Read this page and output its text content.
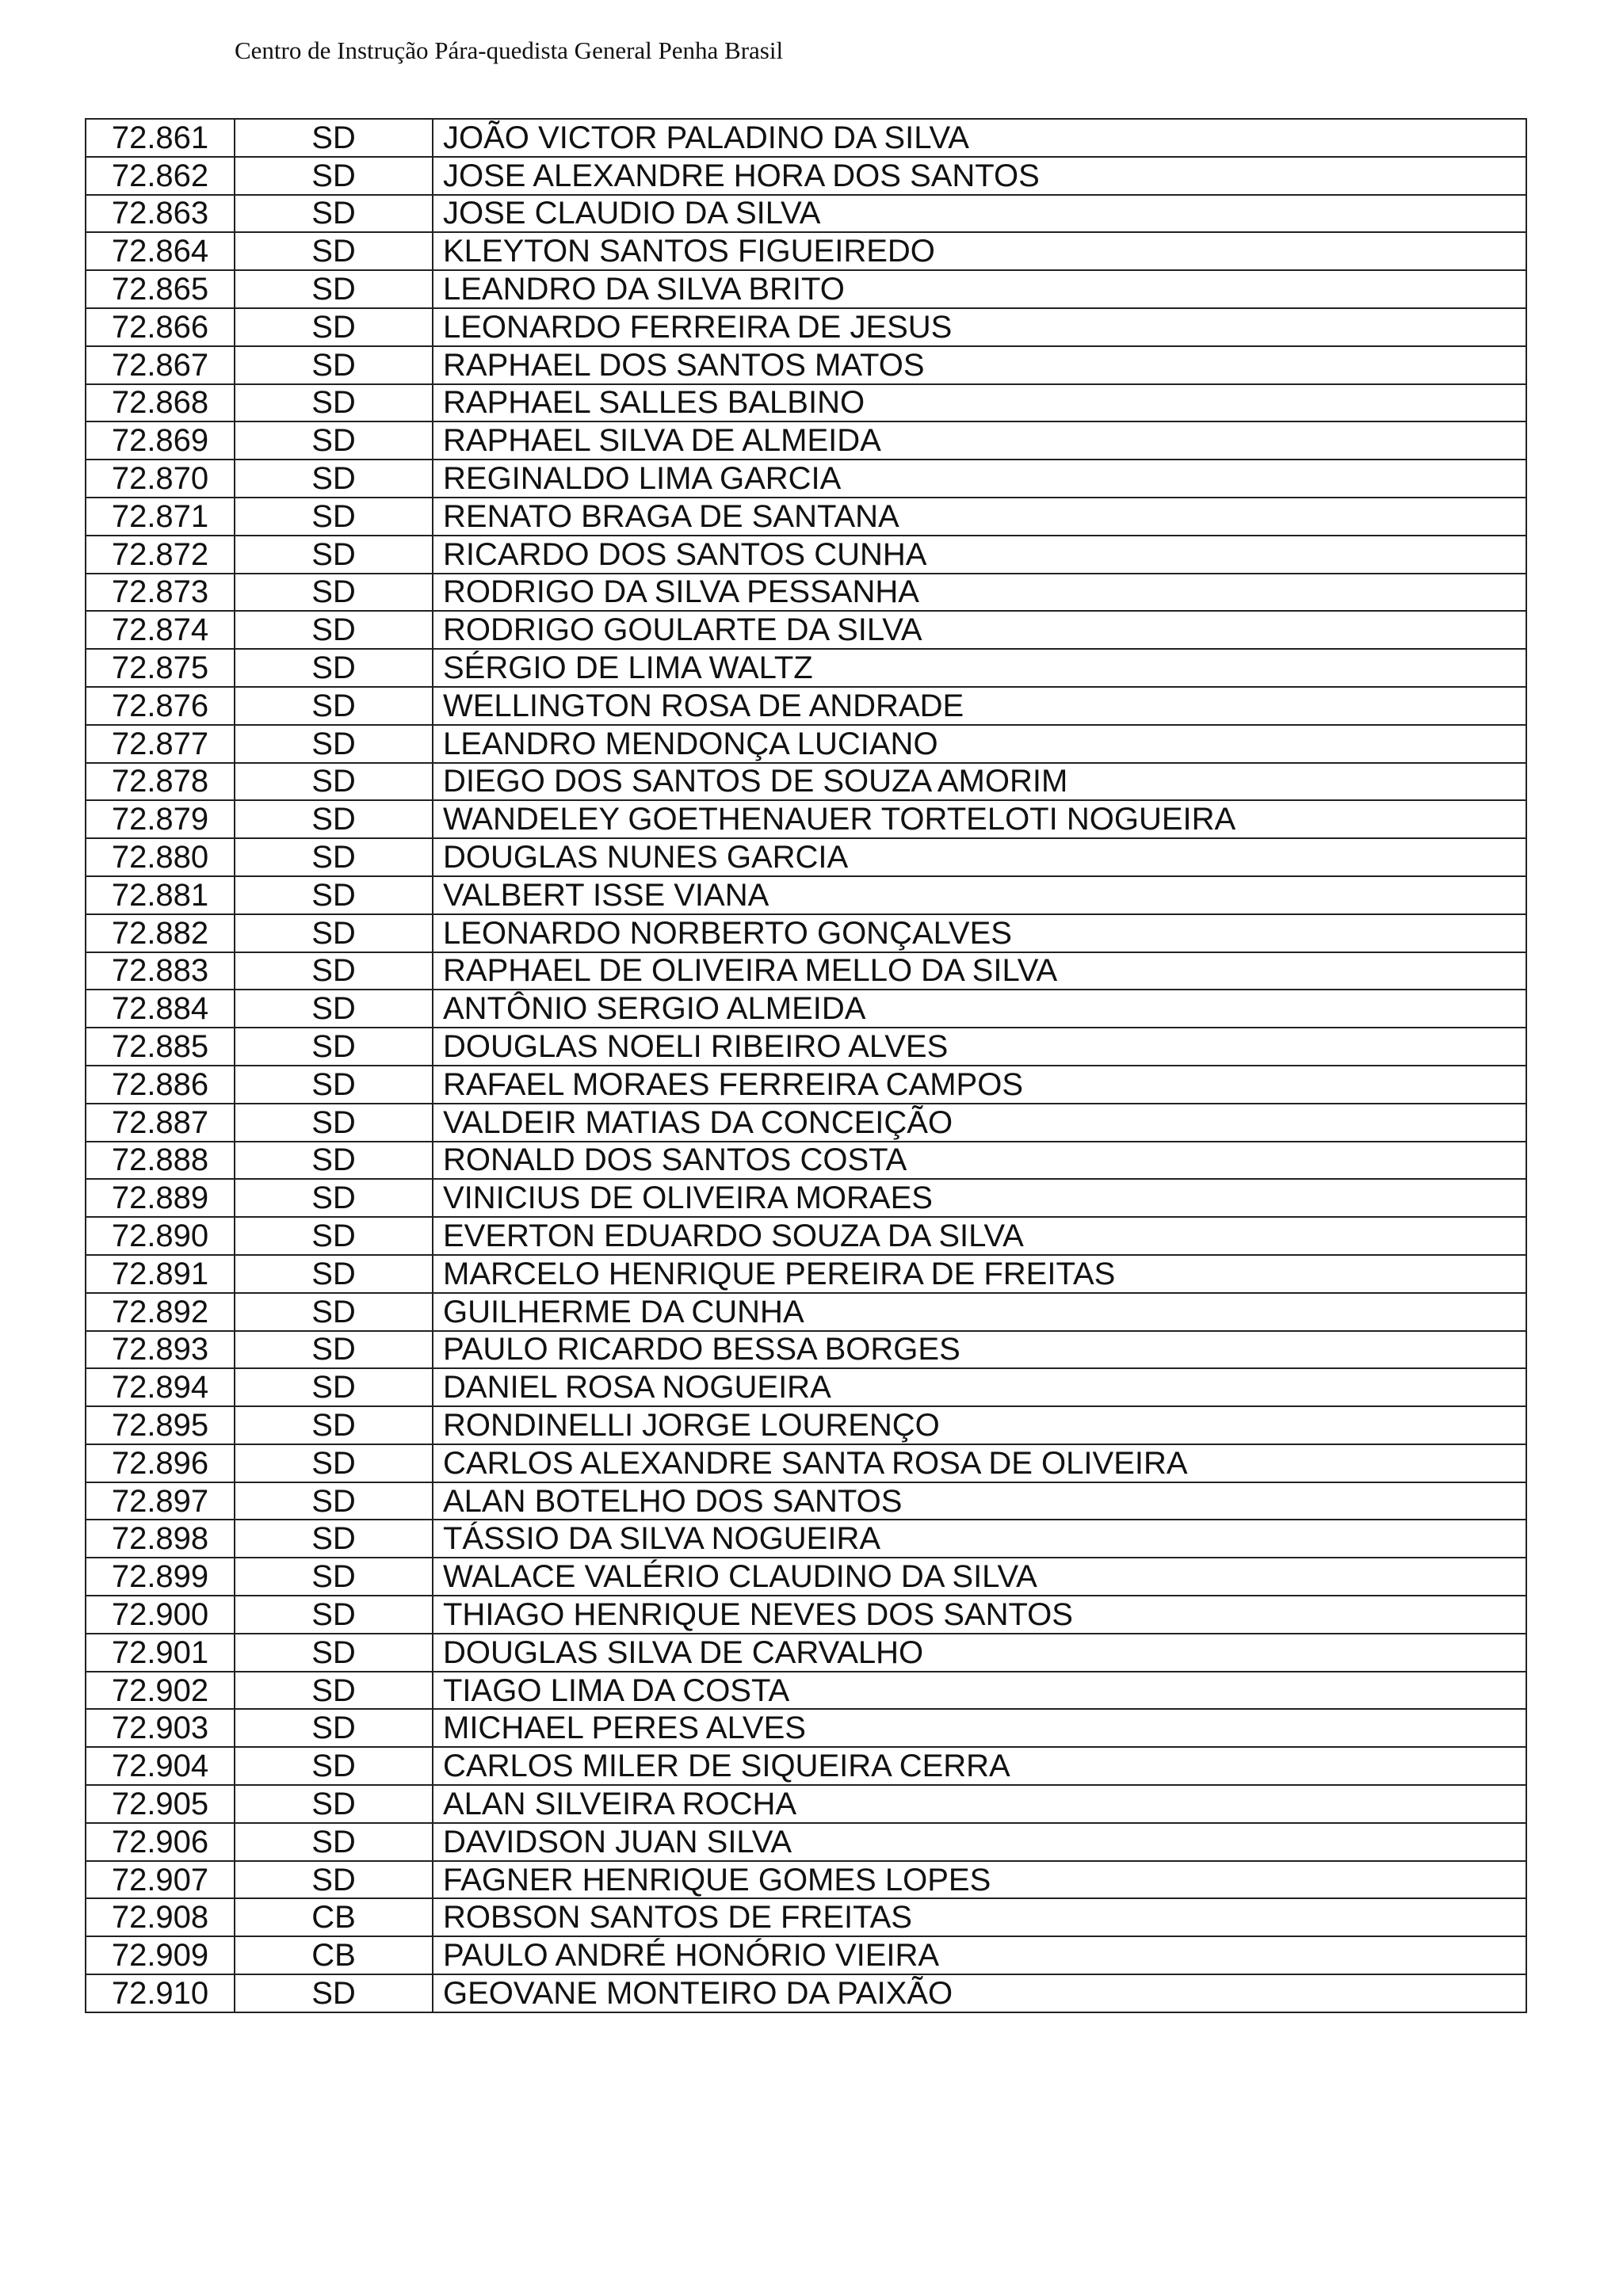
Centro de Instrução Pára-quedista General Penha Brasil
72.861	SD	JOÃO VICTOR PALADINO DA SILVA
72.862	SD	JOSE ALEXANDRE HORA DOS SANTOS
72.863	SD	JOSE CLAUDIO DA SILVA
72.864	SD	KLEYTON SANTOS FIGUEIREDO
72.865	SD	LEANDRO DA SILVA BRITO
72.866	SD	LEONARDO FERREIRA DE JESUS
72.867	SD	RAPHAEL DOS SANTOS MATOS
72.868	SD	RAPHAEL SALLES BALBINO
72.869	SD	RAPHAEL SILVA DE ALMEIDA
72.870	SD	REGINALDO LIMA GARCIA
72.871	SD	RENATO BRAGA DE SANTANA
72.872	SD	RICARDO DOS SANTOS CUNHA
72.873	SD	RODRIGO DA SILVA PESSANHA
72.874	SD	RODRIGO GOULARTE DA SILVA
72.875	SD	SÉRGIO DE LIMA WALTZ
72.876	SD	WELLINGTON ROSA DE ANDRADE
72.877	SD	LEANDRO MENDONÇA LUCIANO
72.878	SD	DIEGO DOS SANTOS DE SOUZA AMORIM
72.879	SD	WANDELEY GOETHENAUER TORTELOTI NOGUEIRA
72.880	SD	DOUGLAS NUNES GARCIA
72.881	SD	VALBERT ISSE VIANA
72.882	SD	LEONARDO NORBERTO GONÇALVES
72.883	SD	RAPHAEL DE OLIVEIRA MELLO DA SILVA
72.884	SD	ANTÔNIO SERGIO ALMEIDA
72.885	SD	DOUGLAS NOELI RIBEIRO ALVES
72.886	SD	RAFAEL MORAES FERREIRA CAMPOS
72.887	SD	VALDEIR MATIAS DA CONCEIÇÃO
72.888	SD	RONALD DOS SANTOS COSTA
72.889	SD	VINICIUS DE OLIVEIRA MORAES
72.890	SD	EVERTON EDUARDO SOUZA DA SILVA
72.891	SD	MARCELO HENRIQUE PEREIRA DE FREITAS
72.892	SD	GUILHERME DA CUNHA
72.893	SD	PAULO RICARDO BESSA BORGES
72.894	SD	DANIEL ROSA NOGUEIRA
72.895	SD	RONDINELLI JORGE LOURENÇO
72.896	SD	CARLOS ALEXANDRE SANTA ROSA DE OLIVEIRA
72.897	SD	ALAN BOTELHO DOS SANTOS
72.898	SD	TÁSSIO DA SILVA NOGUEIRA
72.899	SD	WALACE VALÉRIO CLAUDINO DA SILVA
72.900	SD	THIAGO HENRIQUE NEVES DOS SANTOS
72.901	SD	DOUGLAS SILVA DE CARVALHO
72.902	SD	TIAGO LIMA DA COSTA
72.903	SD	MICHAEL PERES ALVES
72.904	SD	CARLOS MILER DE SIQUEIRA CERRA
72.905	SD	ALAN SILVEIRA ROCHA
72.906	SD	DAVIDSON JUAN SILVA
72.907	SD	FAGNER HENRIQUE GOMES LOPES
72.908	CB	ROBSON SANTOS DE FREITAS
72.909	CB	PAULO ANDRÉ HONÓRIO VIEIRA
72.910	SD	GEOVANE MONTEIRO DA PAIXÃO
